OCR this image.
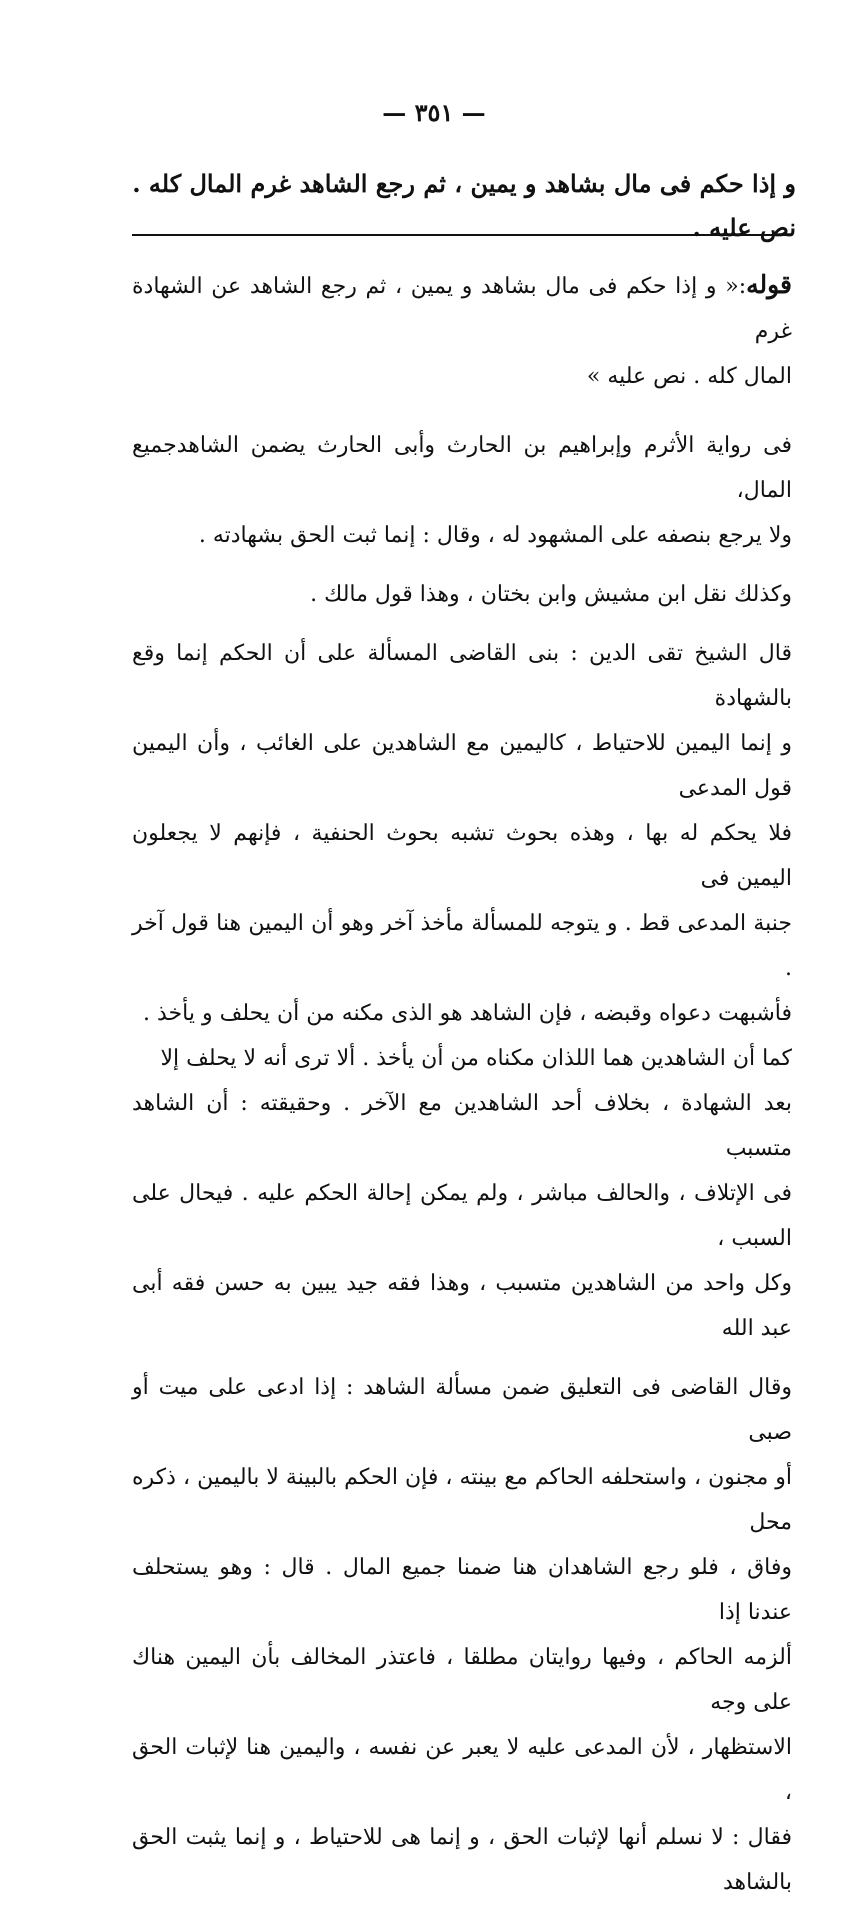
— ٣٥١ —
و إذا حكم فى مال بشاهد و يمين ، ثم رجع الشاهد غرم المال كله . نص عليه .
قوله:« و إذا حكم فى مال بشاهد و يمين ، ثم رجع الشاهد عن الشهادة غرم
المال كله . نص عليه »
فى رواية الأثرم وإبراهيم بن الحارث وأبى الحارث يضمن الشاهدجميع المال،
ولا يرجع بنصفه على المشهود له ، وقال : إنما ثبت الحق بشهادته .
وكذلك نقل ابن مشيش وابن بختان ، وهذا قول مالك .
قال الشيخ تقى الدين : بنى القاضى المسألة على أن الحكم إنما وقع بالشهادة
و إنما اليمين للاحتياط ، كاليمين مع الشاهدين على الغائب ، وأن اليمين قول المدعى
فلا يحكم له بها ، وهذه بحوث تشبه بحوث الحنفية ، فإنهم لا يجعلون اليمين فى
جنبة المدعى قط . و يتوجه للمسألة مأخذ آخر وهو أن اليمين هنا قول آخر .
فأشبهت دعواه وقبضه ، فإن الشاهد هو الذى مكنه من أن يحلف و يأخذ .
كما أن الشاهدين هما اللذان مكناه من أن يأخذ . ألا ترى أنه لا يحلف إلا
بعد الشهادة ، بخلاف أحد الشاهدين مع الآخر . وحقيقته : أن الشاهد متسبب
فى الإتلاف ، والحالف مباشر ، ولم يمكن إحالة الحكم عليه . فيحال على السبب ،
وكل واحد من الشاهدين متسبب ، وهذا فقه جيد يبين به حسن فقه أبى عبد الله
وقال القاضى فى التعليق ضمن مسألة الشاهد : إذا ادعى على ميت أو صبى
أو مجنون ، واستحلفه الحاكم مع بينته ، فإن الحكم بالبينة لا باليمين ، ذكره محل
وفاق ، فلو رجع الشاهدان هنا ضمنا جميع المال . قال : وهو يستحلف عندنا إذا
ألزمه الحاكم ، وفيها روايتان مطلقا ، فاعتذر المخالف بأن اليمين هناك على وجه
الاستظهار ، لأن المدعى عليه لا يعبر عن نفسه ، واليمين هنا لإثبات الحق ،
فقال : لا نسلم أنها لإثبات الحق ، و إنما هى للاحتياط ، و إنما يثبت الحق بالشاهد
